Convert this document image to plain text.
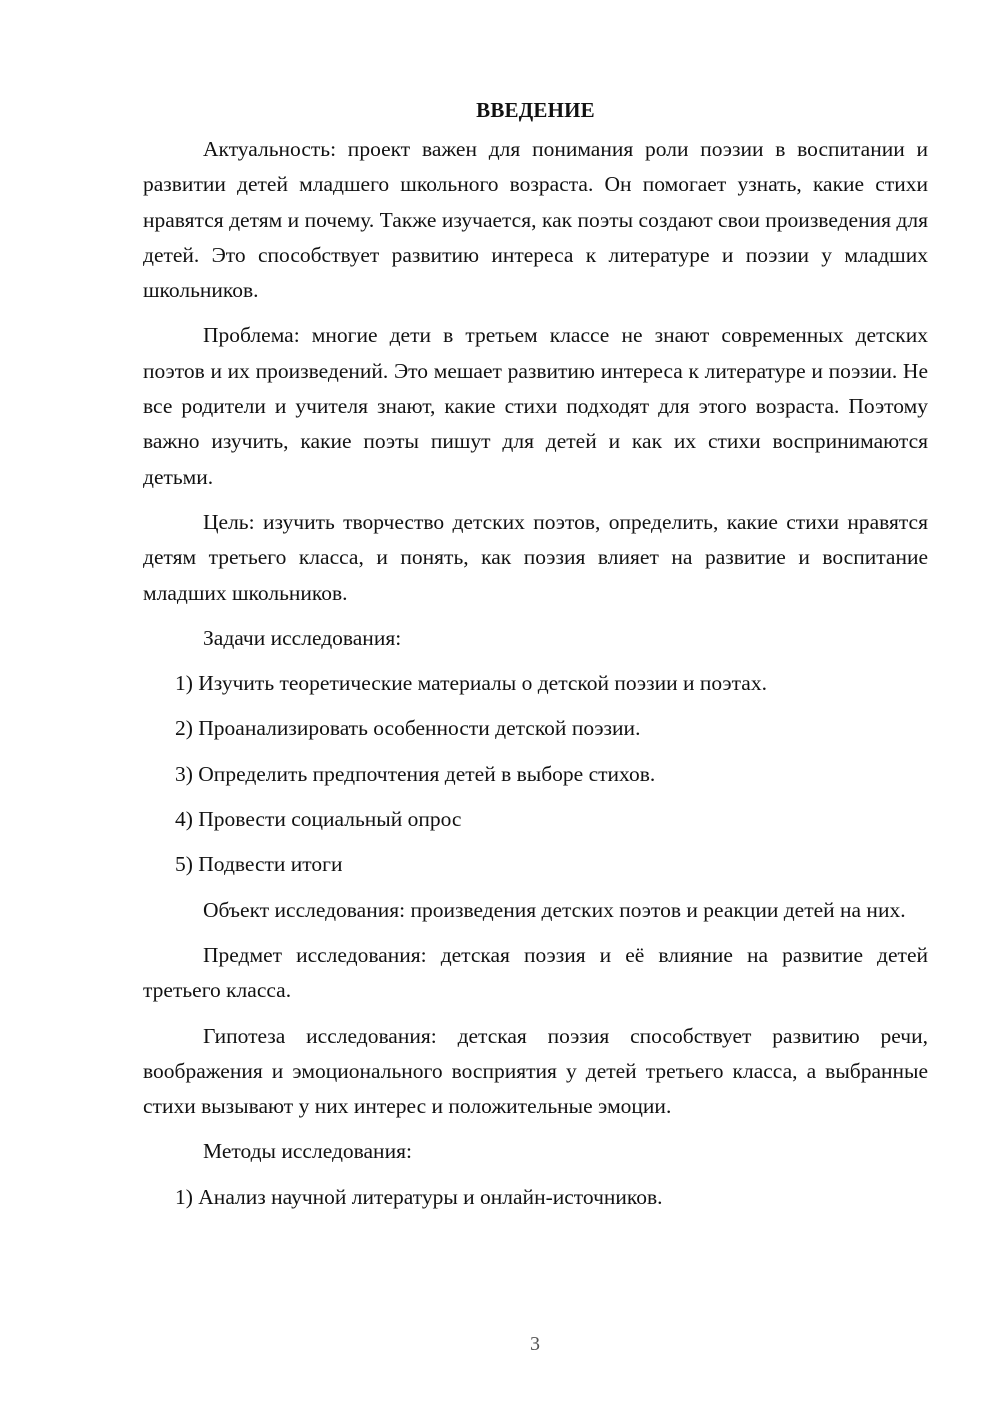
ВВЕДЕНИЕ

Актуальность: проект важен для понимания роли поэзии в воспитании и развитии детей младшего школьного возраста. Он помогает узнать, какие стихи нравятся детям и почему. Также изучается, как поэты создают свои произведения для детей. Это способствует развитию интереса к литературе и поэзии у младших школьников.

Проблема: многие дети в третьем классе не знают современных детских поэтов и их произведений. Это мешает развитию интереса к литературе и поэзии. Не все родители и учителя знают, какие стихи подходят для этого возраста. Поэтому важно изучить, какие поэты пишут для детей и как их стихи воспринимаются детьми.

Цель: изучить творчество детских поэтов, определить, какие стихи нравятся детям третьего класса, и понять, как поэзия влияет на развитие и воспитание младших школьников.

Задачи исследования:

1) Изучить теоретические материалы о детской поэзии и поэтах.

2) Проанализировать особенности детской поэзии.

3) Определить предпочтения детей в выборе стихов.

4) Провести социальный опрос

5) Подвести итоги

Объект исследования: произведения детских поэтов и реакции детей на них.

Предмет исследования: детская поэзия и её влияние на развитие детей третьего класса.

Гипотеза исследования: детская поэзия способствует развитию речи, воображения и эмоционального восприятия у детей третьего класса, а выбранные стихи вызывают у них интерес и положительные эмоции.

Методы исследования:

1) Анализ научной литературы и онлайн-источников.

3
